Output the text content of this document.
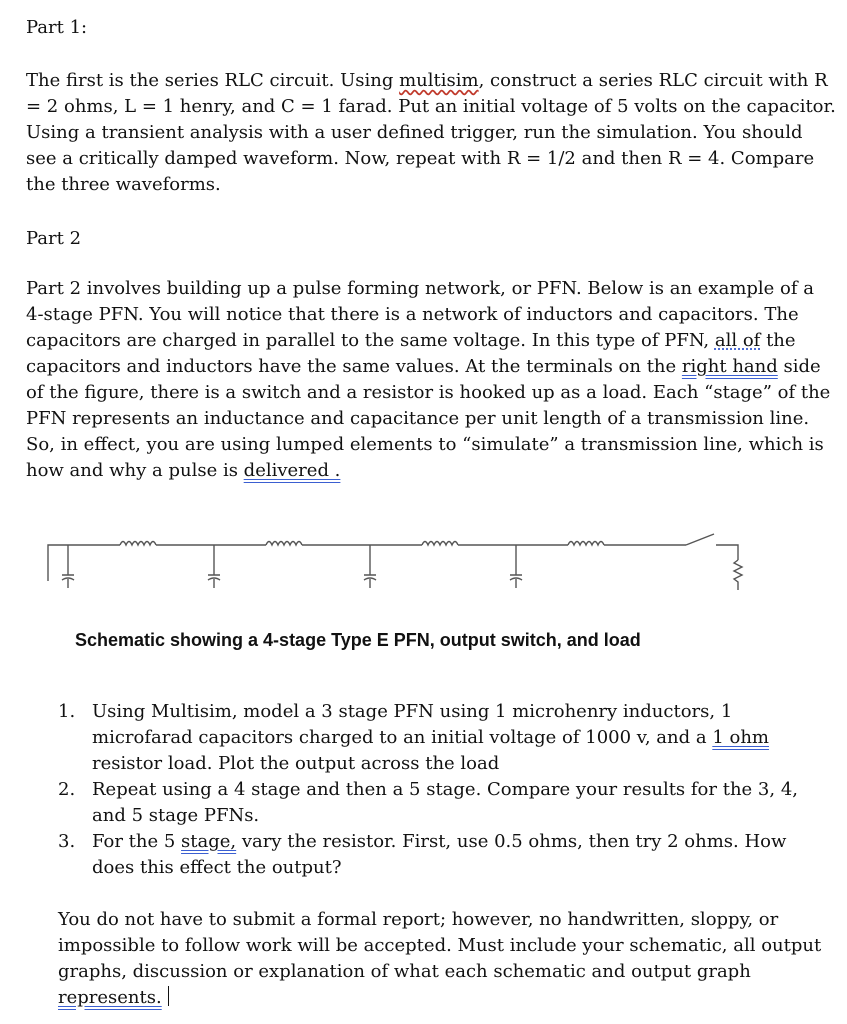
Part 1:
The first is the series RLC circuit. Using multisim, construct a series RLC circuit with R = 2 ohms, L = 1 henry, and C = 1 farad. Put an initial voltage of 5 volts on the capacitor. Using a transient analysis with a user defined trigger, run the simulation. You should see a critically damped waveform. Now, repeat with R = 1/2 and then R = 4. Compare the three waveforms.
Part 2
Part 2 involves building up a pulse forming network, or PFN. Below is an example of a 4-stage PFN. You will notice that there is a network of inductors and capacitors. The capacitors are charged in parallel to the same voltage. In this type of PFN, all of the capacitors and inductors have the same values. At the terminals on the right hand side of the figure, there is a switch and a resistor is hooked up as a load. Each “stage” of the PFN represents an inductance and capacitance per unit length of a transmission line. So, in effect, you are using lumped elements to “simulate” a transmission line, which is how and why a pulse is delivered .
Schematic showing a 4-stage Type E PFN, output switch, and load
1. Using Multisim, model a 3 stage PFN using 1 microhenry inductors, 1 microfarad capacitors charged to an initial voltage of 1000 v, and a 1 ohm resistor load. Plot the output across the load
2. Repeat using a 4 stage and then a 5 stage. Compare your results for the 3, 4, and 5 stage PFNs.
3. For the 5 stage, vary the resistor. First, use 0.5 ohms, then try 2 ohms. How does this effect the output?
You do not have to submit a formal report; however, no handwritten, sloppy, or impossible to follow work will be accepted. Must include your schematic, all output graphs, discussion or explanation of what each schematic and output graph represents.
